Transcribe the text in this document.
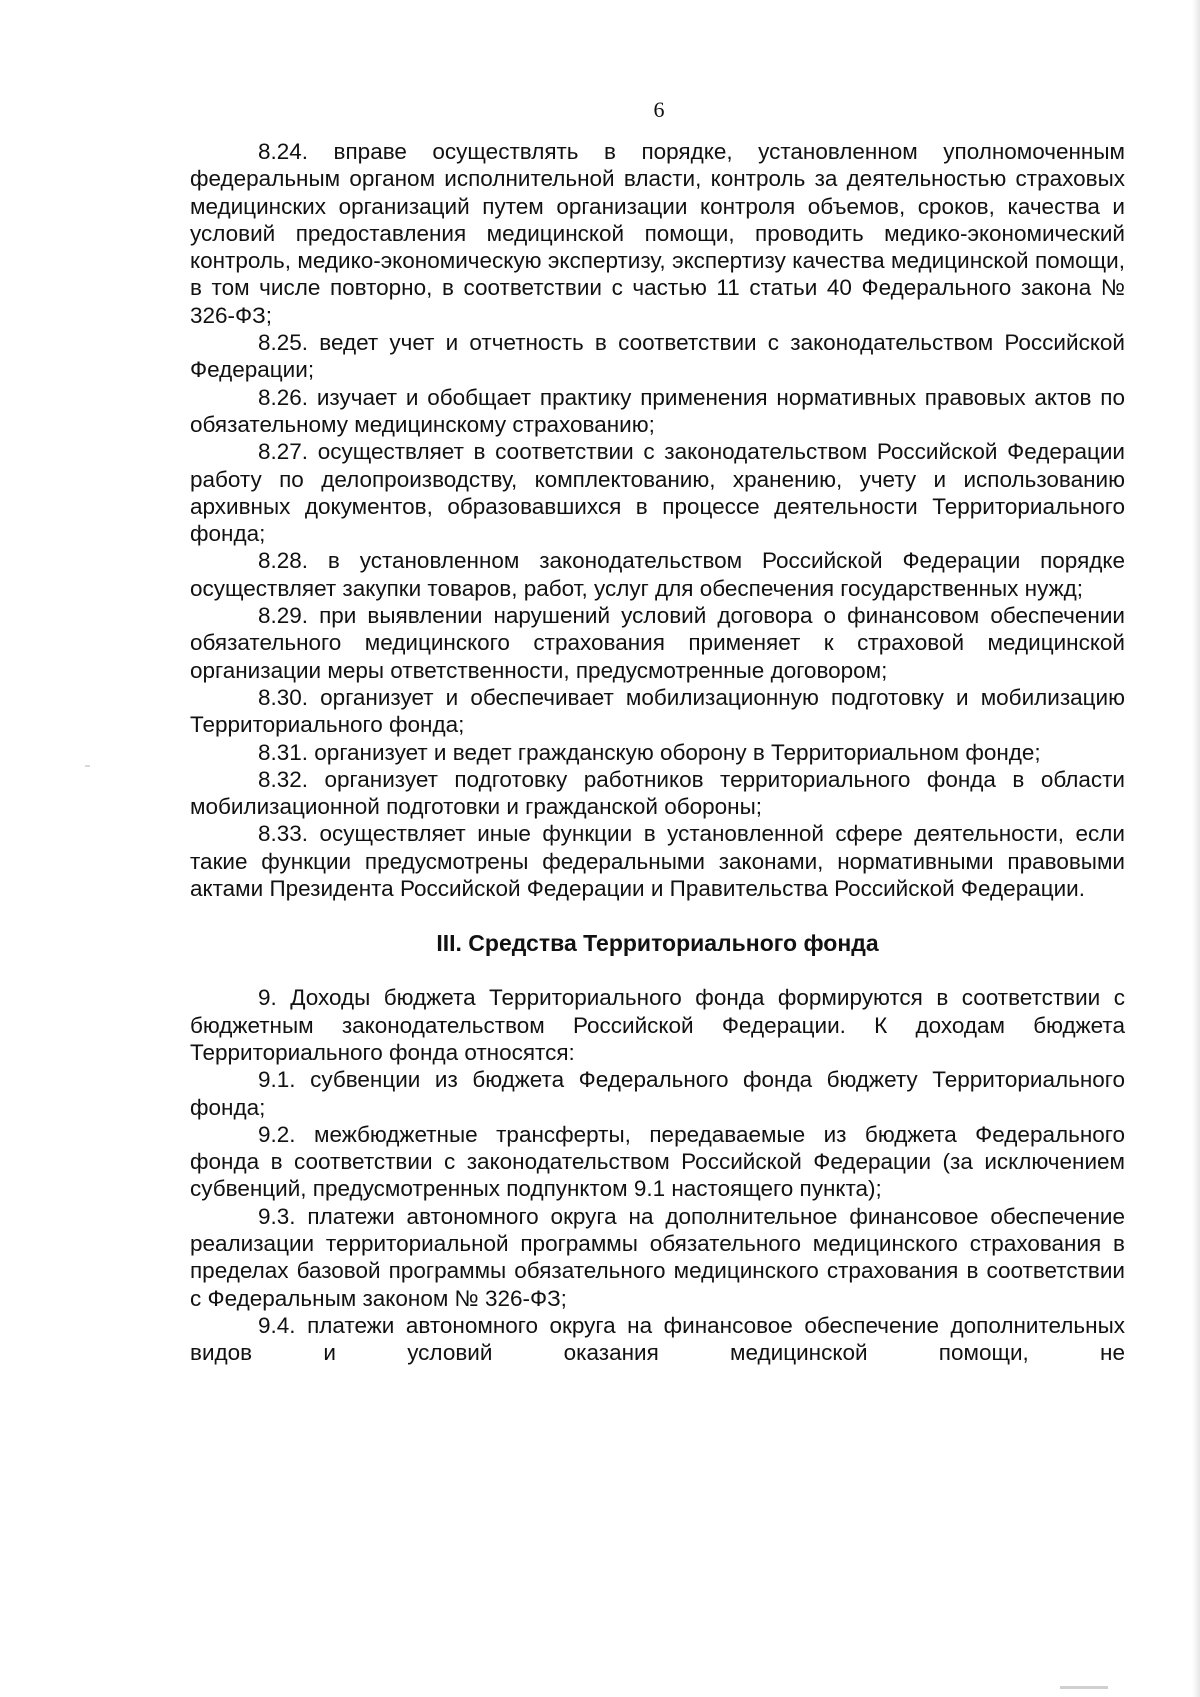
6

8.24. вправе осуществлять в порядке, установленном уполномоченным федеральным органом исполнительной власти, контроль за деятельностью страховых медицинских организаций путем организации контроля объемов, сроков, качества и условий предоставления медицинской помощи, проводить медико-экономический контроль, медико-экономическую экспертизу, экспертизу качества медицинской помощи, в том числе повторно, в соответствии с частью 11 статьи 40 Федерального закона № 326-ФЗ;

8.25. ведет учет и отчетность в соответствии с законодательством Российской Федерации;

8.26. изучает и обобщает практику применения нормативных правовых актов по обязательному медицинскому страхованию;

8.27. осуществляет в соответствии с законодательством Российской Федерации работу по делопроизводству, комплектованию, хранению, учету и использованию архивных документов, образовавшихся в процессе деятельности Территориального фонда;

8.28. в установленном законодательством Российской Федерации порядке осуществляет закупки товаров, работ, услуг для обеспечения государственных нужд;

8.29. при выявлении нарушений условий договора о финансовом обеспечении обязательного медицинского страхования применяет к страховой медицинской организации меры ответственности, предусмотренные договором;

8.30. организует и обеспечивает мобилизационную подготовку и мобилизацию Территориального фонда;

8.31. организует и ведет гражданскую оборону в Территориальном фонде;

8.32. организует подготовку работников территориального фонда в области мобилизационной подготовки и гражданской обороны;

8.33. осуществляет иные функции в установленной сфере деятельности, если такие функции предусмотрены федеральными законами, нормативными правовыми актами Президента Российской Федерации и Правительства Российской Федерации.

III. Средства Территориального фонда

9. Доходы бюджета Территориального фонда формируются в соответствии с бюджетным законодательством Российской Федерации. К доходам бюджета Территориального фонда относятся:

9.1. субвенции из бюджета Федерального фонда бюджету Территориального фонда;

9.2. межбюджетные трансферты, передаваемые из бюджета Федерального фонда в соответствии с законодательством Российской Федерации (за исключением субвенций, предусмотренных подпунктом 9.1 настоящего пункта);

9.3. платежи автономного округа на дополнительное финансовое обеспечение реализации территориальной программы обязательного медицинского страхования в пределах базовой программы обязательного медицинского страхования в соответствии с Федеральным законом № 326-ФЗ;

9.4. платежи автономного округа на финансовое обеспечение дополнительных видов и условий оказания медицинской помощи, не
